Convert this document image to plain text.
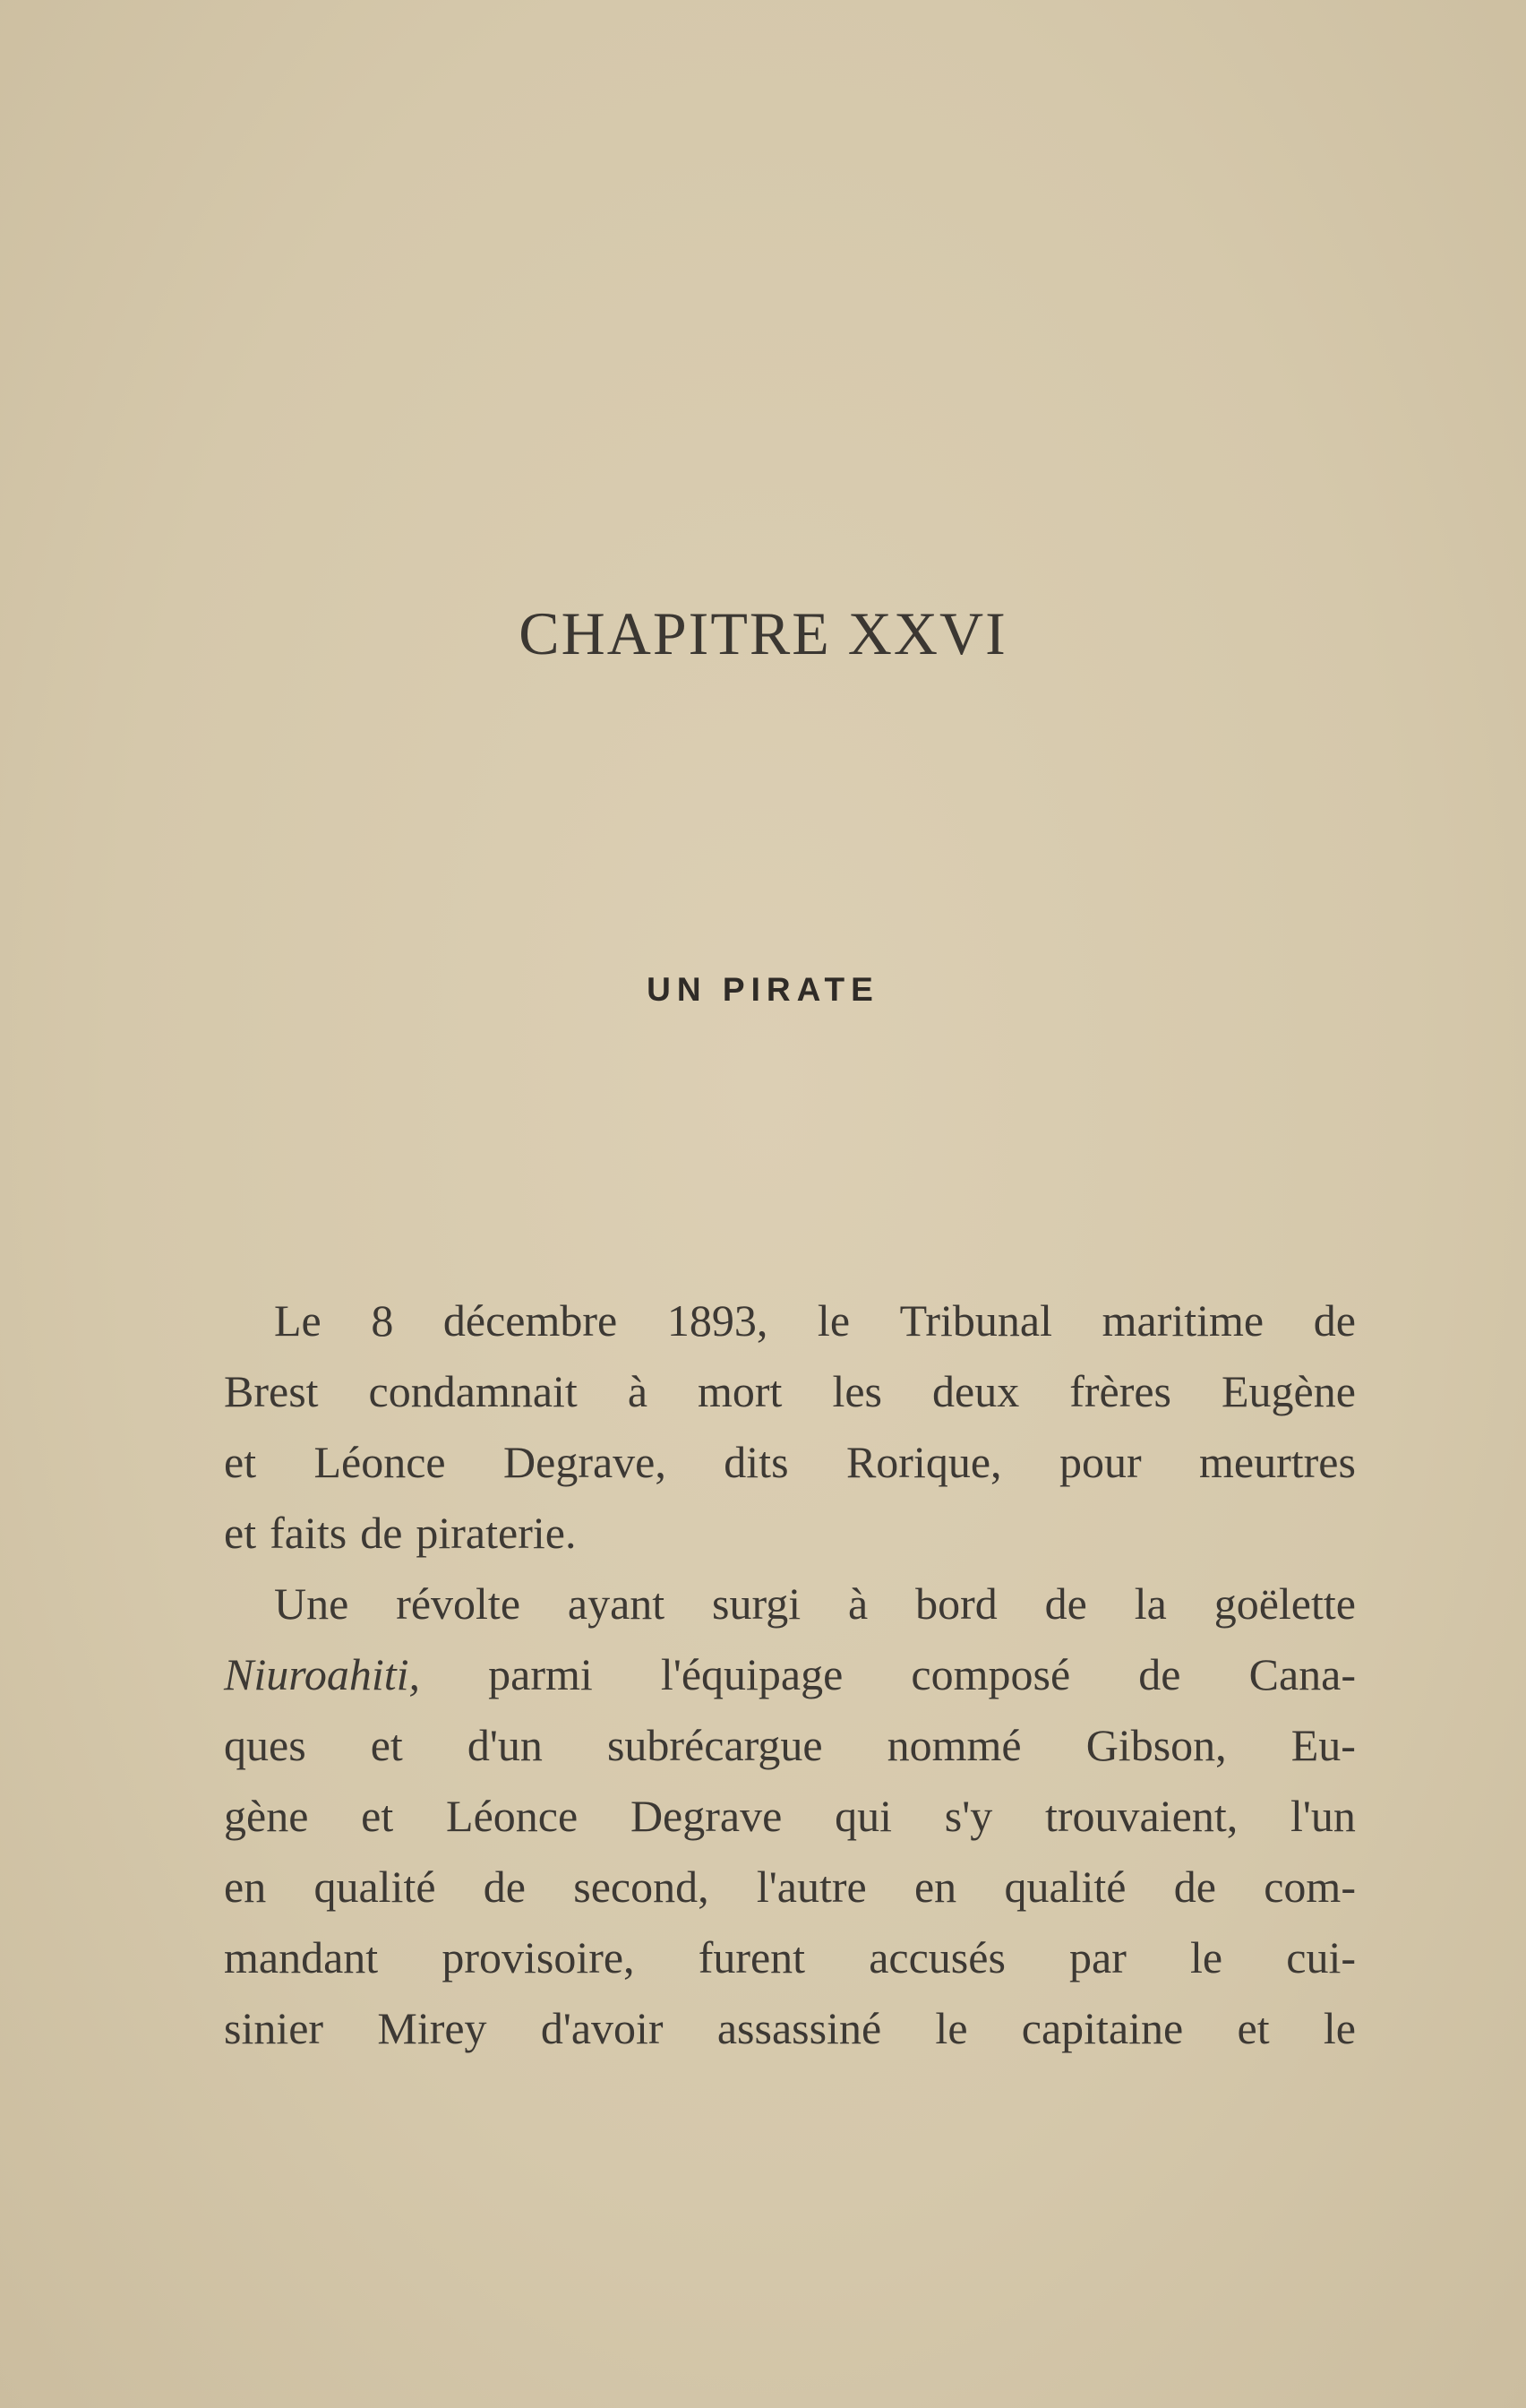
CHAPITRE XXVI
UN PIRATE
Le 8 décembre 1893, le Tribunal maritime de
Brest condamnait à mort les deux frères Eugène
et Léonce Degrave, dits Rorique, pour meurtres
et faits de piraterie.
Une révolte ayant surgi à bord de la goëlette
Niuroahiti, parmi l'équipage composé de Cana-
ques et d'un subrécargue nommé Gibson, Eu-
gène et Léonce Degrave qui s'y trouvaient, l'un
en qualité de second, l'autre en qualité de com-
mandant provisoire, furent accusés par le cui-
sinier Mirey d'avoir assassiné le capitaine et le
